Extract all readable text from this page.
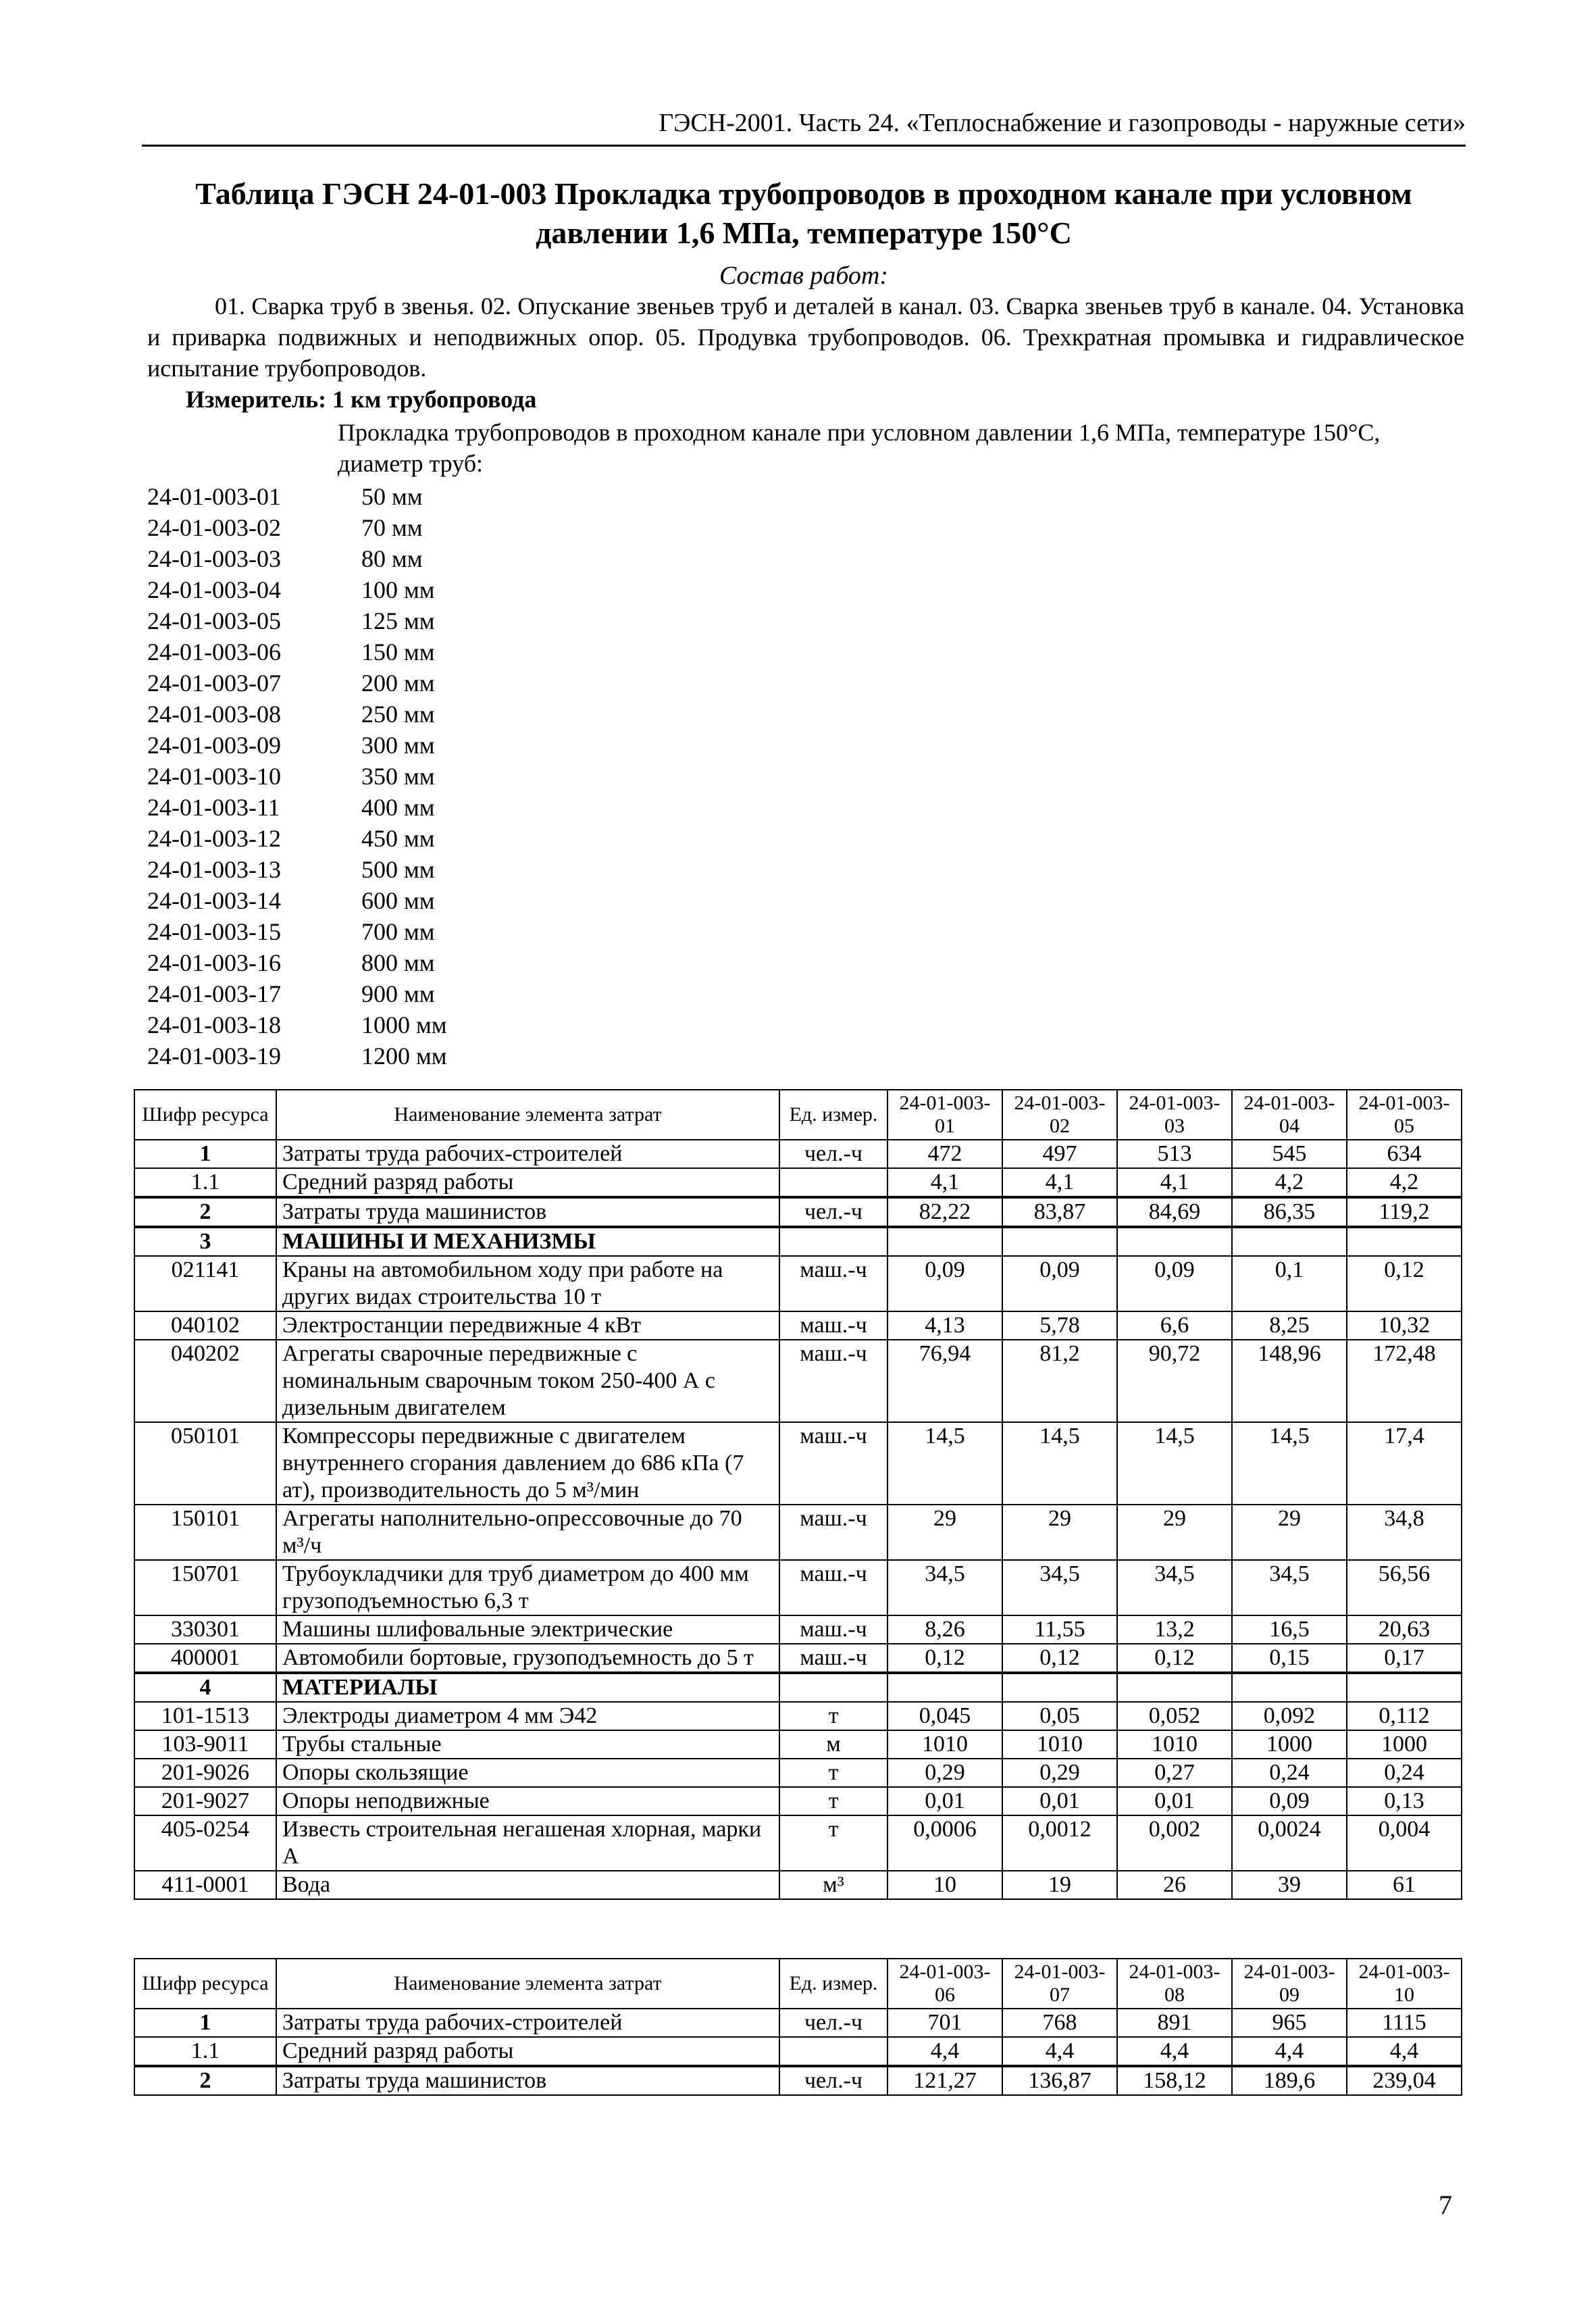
ГЭСН-2001. Часть 24. «Теплоснабжение и газопроводы - наружные сети»
Таблица ГЭСН 24-01-003 Прокладка трубопроводов в проходном канале при условном
давлении 1,6 МПа, температуре 150°С
Состав работ:

01. Сварка труб в звенья. 02. Опускание звеньев труб и деталей в канал. 03. Сварка звеньев труб в канале. 04. Установка и приварка подвижных и неподвижных опор. 05. Продувка трубопроводов. 06. Трехкратная промывка и гидравлическое испытание трубопроводов.

Измеритель: 1 км трубопровода
Прокладка трубопроводов в проходном канале при условном давлении 1,6 МПа, температуре 150°С, диаметр труб:
24-01-003-01	50 мм
24-01-003-02	70 мм
24-01-003-03	80 мм
24-01-003-04	100 мм
24-01-003-05	125 мм
24-01-003-06	150 мм
24-01-003-07	200 мм
24-01-003-08	250 мм
24-01-003-09	300 мм
24-01-003-10	350 мм
24-01-003-11	400 мм
24-01-003-12	450 мм
24-01-003-13	500 мм
24-01-003-14	600 мм
24-01-003-15	700 мм
24-01-003-16	800 мм
24-01-003-17	900 мм
24-01-003-18	1000 мм
24-01-003-19	1200 мм
Шифр ресурса	Наименование элемента затрат	Ед. измер.	24-01-003-01	24-01-003-02	24-01-003-03	24-01-003-04	24-01-003-05
1	Затраты труда рабочих-строителей	чел.-ч	472	497	513	545	634
1.1	Средний разряд работы		4,1	4,1	4,1	4,2	4,2
2	Затраты труда машинистов	чел.-ч	82,22	83,87	84,69	86,35	119,2
3	МАШИНЫ И МЕХАНИЗМЫ						
021141	Краны на автомобильном ходу при работе на других видах строительства 10 т	маш.-ч	0,09	0,09	0,09	0,1	0,12
040102	Электростанции передвижные 4 кВт	маш.-ч	4,13	5,78	6,6	8,25	10,32
040202	Агрегаты сварочные передвижные с номинальным сварочным током 250-400 А с дизельным двигателем	маш.-ч	76,94	81,2	90,72	148,96	172,48
050101	Компрессоры передвижные с двигателем внутреннего сгорания давлением до 686 кПа (7 ат), производительность до 5 м³/мин	маш.-ч	14,5	14,5	14,5	14,5	17,4
150101	Агрегаты наполнительно-опрессовочные до 70 м³/ч	маш.-ч	29	29	29	29	34,8
150701	Трубоукладчики для труб диаметром до 400 мм грузоподъемностью 6,3 т	маш.-ч	34,5	34,5	34,5	34,5	56,56
330301	Машины шлифовальные электрические	маш.-ч	8,26	11,55	13,2	16,5	20,63
400001	Автомобили бортовые, грузоподъемность до 5 т	маш.-ч	0,12	0,12	0,12	0,15	0,17
4	МАТЕРИАЛЫ						
101-1513	Электроды диаметром 4 мм Э42	т	0,045	0,05	0,052	0,092	0,112
103-9011	Трубы стальные	м	1010	1010	1010	1000	1000
201-9026	Опоры скользящие	т	0,29	0,29	0,27	0,24	0,24
201-9027	Опоры неподвижные	т	0,01	0,01	0,01	0,09	0,13
405-0254	Известь строительная негашеная хлорная, марки А	т	0,0006	0,0012	0,002	0,0024	0,004
411-0001	Вода	м³	10	19	26	39	61
Шифр ресурса	Наименование элемента затрат	Ед. измер.	24-01-003-06	24-01-003-07	24-01-003-08	24-01-003-09	24-01-003-10
1	Затраты труда рабочих-строителей	чел.-ч	701	768	891	965	1115
1.1	Средний разряд работы		4,4	4,4	4,4	4,4	4,4
2	Затраты труда машинистов	чел.-ч	121,27	136,87	158,12	189,6	239,04
7
